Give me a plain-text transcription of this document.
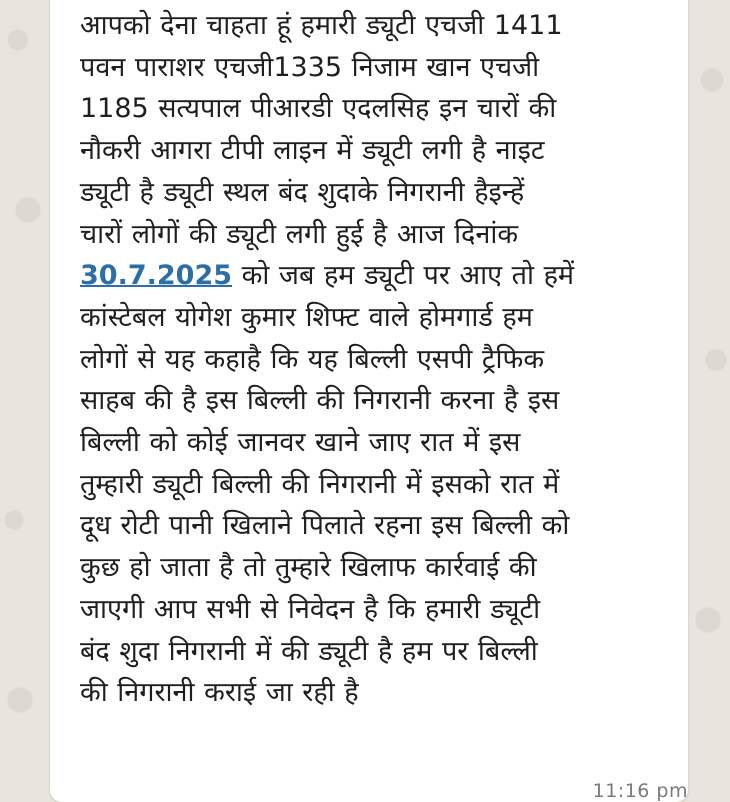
आपको देना चाहता हूं हमारी ड्यूटी एचजी 1411
पवन पाराशर एचजी1335 निजाम खान एचजी
1185 सत्यपाल पीआरडी एदलसिह इन चारों की
नौकरी आगरा टीपी लाइन में ड्यूटी लगी है नाइट
ड्यूटी है ड्यूटी स्थल बंद शुदाके निगरानी हैइन्हें
चारों लोगों की ड्यूटी लगी हुई है आज दिनांक
30.7.2025 को जब हम ड्यूटी पर आए तो हमें
कांस्टेबल योगेश कुमार शिफ्ट वाले होमगार्ड हम
लोगों से यह कहाहै कि यह बिल्ली एसपी ट्रैफिक
साहब की है इस बिल्ली की निगरानी करना है इस
बिल्ली को कोई जानवर खाने जाए रात में इस
तुम्हारी ड्यूटी बिल्ली की निगरानी में इसको रात में
दूध रोटी पानी खिलाने पिलाते रहना इस बिल्ली को
कुछ हो जाता है तो तुम्हारे खिलाफ कार्रवाई की
जाएगी आप सभी से निवेदन है कि हमारी ड्यूटी
बंद शुदा निगरानी में की ड्यूटी है हम पर बिल्ली
की निगरानी कराई जा रही है

11:16 pm
